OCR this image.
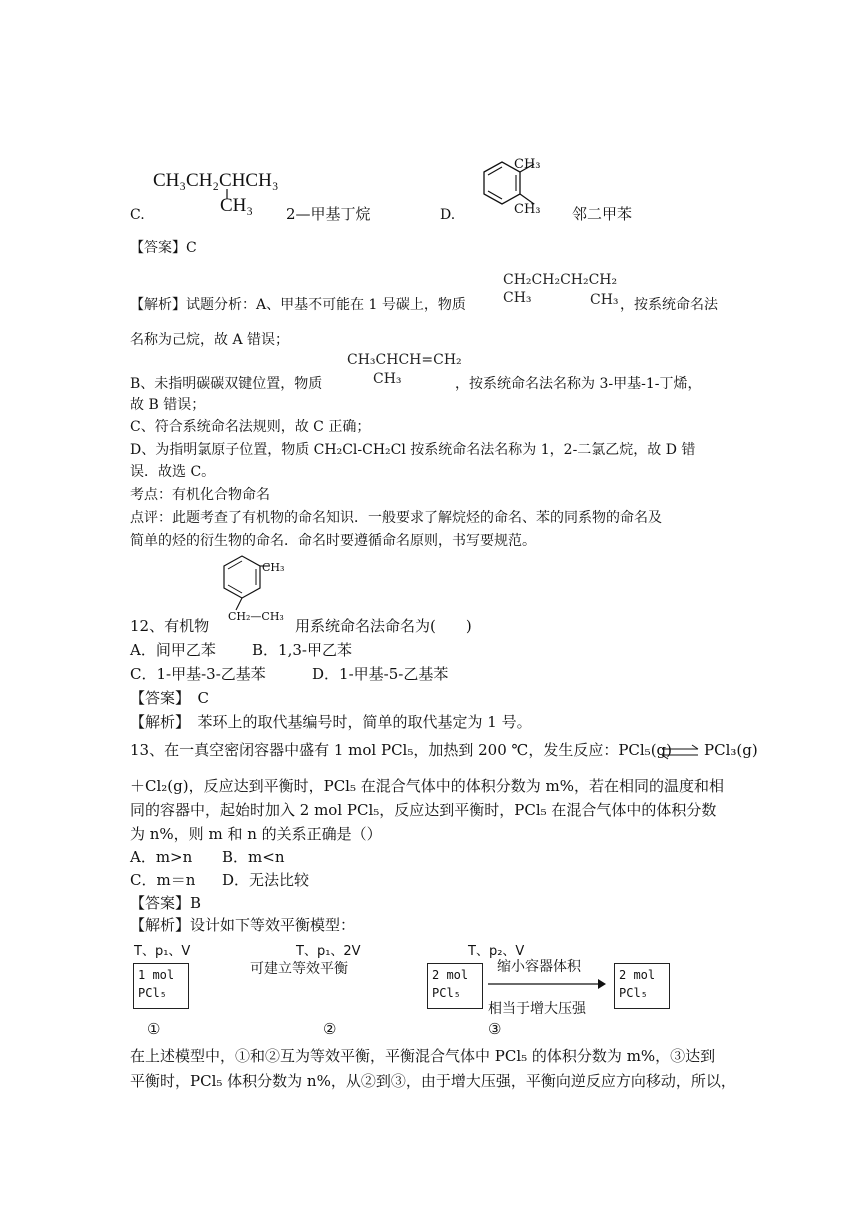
CH₃CH₂CHCH₃
CH₃
C.	2—甲基丁烷	D.
CH₃
CH₃ 邻二甲苯
【答案】C
【解析】试题分析：A、甲基不可能在 1 号碳上，物质
CH₂CH₂CH₂CH₂
CH₃	CH₃ ，按系统命名法
名称为己烷，故 A 错误；
CH₃CHCH=CH₂
CH₃
B、未指明碳碳双键位置，物质	，按系统命名法名称为 3-甲基-1-丁烯，
故 B 错误；
C、符合系统命名法规则，故 C 正确；
D、为指明氯原子位置，物质 CH₂Cl-CH₂Cl 按系统命名法名称为 1，2-二氯乙烷，故 D 错
误．故选 C。
考点：有机化合物命名
点评：此题考查了有机物的命名知识．一般要求了解烷烃的命名、苯的同系物的命名及
简单的烃的衍生物的命名．命名时要遵循命名原则，书写要规范。
CH₃
CH₂—CH₃
12、有机物	用系统命名法命名为(　　)
A．间甲乙苯 B．1,3-甲乙苯
C．1-甲基-3-乙基苯	D．1-甲基-5-乙基苯
【答案】　C
【解析】　苯环上的取代基编号时，简单的取代基定为 1 号。
13、在一真空密闭容器中盛有 1 mol PCl₅，加热到 200 ℃，发生反应：PCl₅(g) ⇌ PCl₃(g)
＋Cl₂(g)，反应达到平衡时，PCl₅ 在混合气体中的体积分数为 m%，若在相同的温度和相
同的容器中，起始时加入 2 mol PCl₅，反应达到平衡时，PCl₅ 在混合气体中的体积分数
为 n%，则 m 和 n 的关系正确是（）
A．m>n B．m<n
C．m＝n D．无法比较
【答案】B
【解析】设计如下等效平衡模型：
T、p₁、V	T、p₁、2V	T、p₂、V
1 mol
PCl₅
可建立等效平衡	2 mol
PCl₅
缩小容器体积
相当于增大压强
2 mol
PCl₅
①	②	③
在上述模型中，①和②互为等效平衡，平衡混合气体中 PCl₅ 的体积分数为 m%，③达到
平衡时，PCl₅ 体积分数为 n%，从②到③，由于增大压强，平衡向逆反应方向移动，所以，
